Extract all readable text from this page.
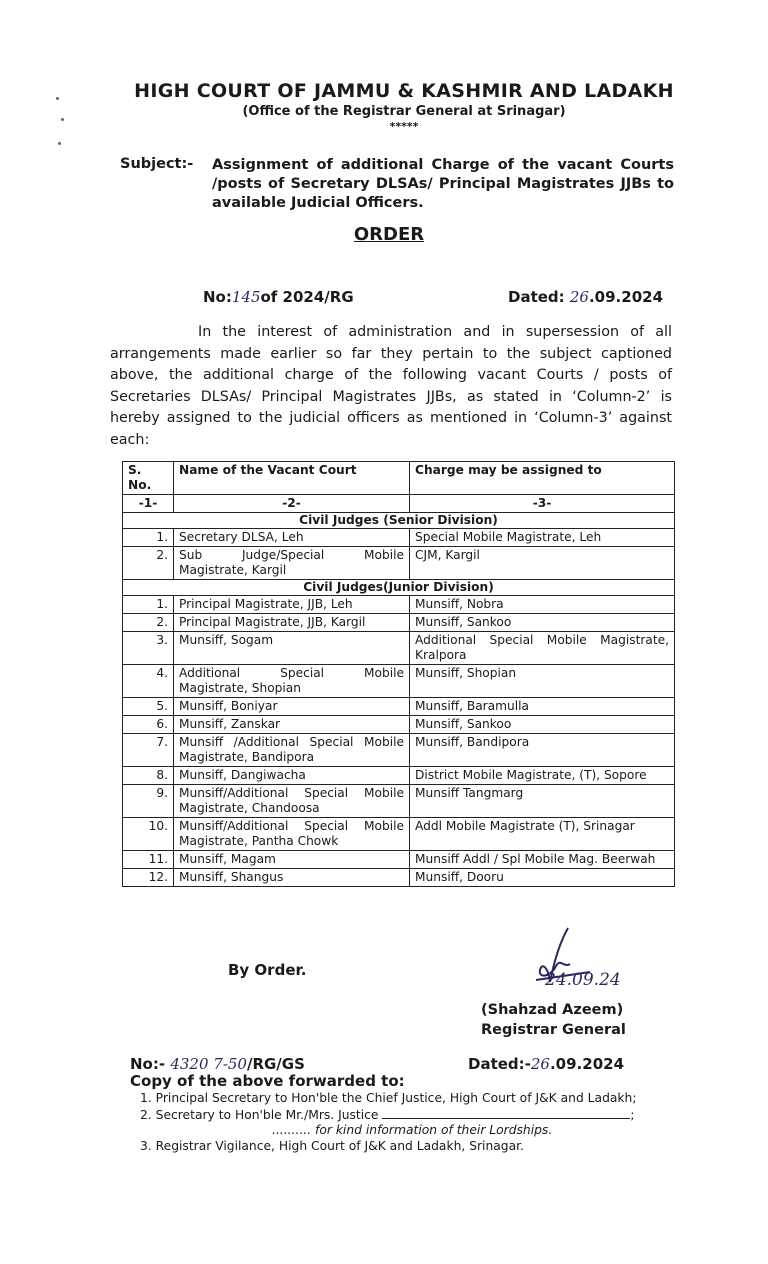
HIGH COURT OF JAMMU & KASHMIR AND LADAKH
(Office of the Registrar General at Srinagar)
*****
Subject:- Assignment of additional Charge of the vacant Courts /posts of Secretary DLSAs/ Principal Magistrates JJBs to available Judicial Officers.
ORDER
No:145of 2024/RG	Dated: 26.09.2024
In the interest of administration and in supersession of all arrangements made earlier so far they pertain to the subject captioned above, the additional charge of the following vacant Courts / posts of Secretaries DLSAs/ Principal Magistrates JJBs, as stated in ‘Column-2’ is hereby assigned to the judicial officers as mentioned in ‘Column-3’ against each:
S. No.	Name of the Vacant Court	Charge may be assigned to
-1-	-2-	-3-
Civil Judges (Senior Division)		
1.	Secretary DLSA, Leh	Special Mobile Magistrate, Leh
2.	Sub Judge/Special Mobile Magistrate, Kargil	CJM, Kargil
Civil Judges(Junior Division)		
1.	Principal Magistrate, JJB, Leh	Munsiff, Nobra
2.	Principal Magistrate, JJB, Kargil	Munsiff, Sankoo
3.	Munsiff, Sogam	Additional Special Mobile Magistrate, Kralpora
4.	Additional Special Mobile Magistrate, Shopian	Munsiff, Shopian
5.	Munsiff, Boniyar	Munsiff, Baramulla
6.	Munsiff, Zanskar	Munsiff, Sankoo
7.	Munsiff /Additional Special Mobile Magistrate, Bandipora	Munsiff, Bandipora
8.	Munsiff, Dangiwacha	District Mobile Magistrate, (T), Sopore
9.	Munsiff/Additional Special Mobile Magistrate, Chandoosa	Munsiff Tangmarg
10.	Munsiff/Additional Special Mobile Magistrate, Pantha Chowk	Addl Mobile Magistrate (T), Srinagar
11.	Munsiff, Magam	Munsiff Addl / Spl Mobile Mag. Beerwah
12.	Munsiff, Shangus	Munsiff, Dooru
By Order.	24.09.24
(Shahzad Azeem)
Registrar General
No:- 4320 7-50/RG/GS	Dated:-26.09.2024
Copy of the above forwarded to:
1. Principal Secretary to Hon'ble the Chief Justice, High Court of J&K and Ladakh;
2. Secretary to Hon'ble Mr./Mrs. Justice	;
.......... for kind information of their Lordships.
3. Registrar Vigilance, High Court of J&K and Ladakh, Srinagar.
